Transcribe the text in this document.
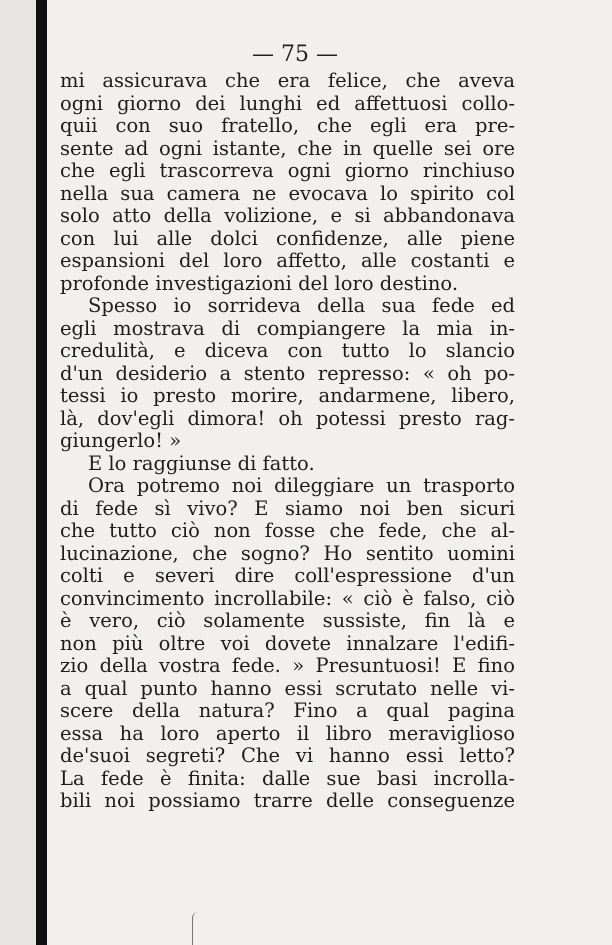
— 75 —
mi assicurava che era felice, che aveva
ogni giorno dei lunghi ed affettuosi collo-
quii con suo fratello, che egli era pre-
sente ad ogni istante, che in quelle sei ore
che egli trascorreva ogni giorno rinchiuso
nella sua camera ne evocava lo spirito col
solo atto della volizione, e si abbandonava
con lui alle dolci confidenze, alle piene
espansioni del loro affetto, alle costanti e
profonde investigazioni del loro destino.
Spesso io sorrideva della sua fede ed
egli mostrava di compiangere la mia in-
credulità, e diceva con tutto lo slancio
d'un desiderio a stento represso: « oh po-
tessi io presto morire, andarmene, libero,
là, dov'egli dimora! oh potessi presto rag-
giungerlo! »
E lo raggiunse di fatto.
Ora potremo noi dileggiare un trasporto
di fede sì vivo? E siamo noi ben sicuri
che tutto ciò non fosse che fede, che al-
lucinazione, che sogno? Ho sentito uomini
colti e severi dire coll'espressione d'un
convincimento incrollabile: « ciò è falso, ciò
è vero, ciò solamente sussiste, fin là e
non più oltre voi dovete innalzare l'edifi-
zio della vostra fede. » Presuntuosi! E fino
a qual punto hanno essi scrutato nelle vi-
scere della natura? Fino a qual pagina
essa ha loro aperto il libro meraviglioso
de'suoi segreti? Che vi hanno essi letto?
La fede è finita: dalle sue basi incrolla-
bili noi possiamo trarre delle conseguenze
